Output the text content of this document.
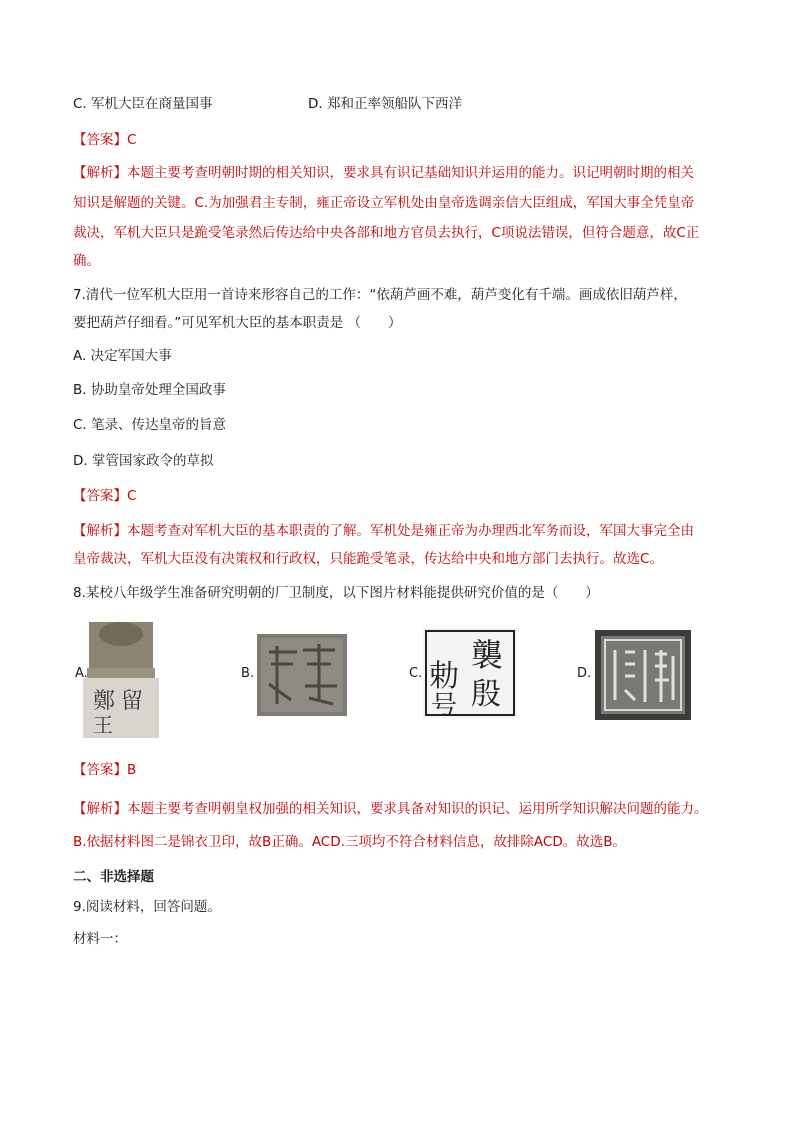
C. 军机大臣在商量国事	D. 郑和正率领船队下西洋
【答案】C
【解析】本题主要考查明朝时期的相关知识，要求具有识记基础知识并运用的能力。识记明朝时期的相关
知识是解题的关键。C.为加强君主专制，雍正帝设立军机处由皇帝选调亲信大臣组成，军国大事全凭皇帝
裁决，军机大臣只是跪受笔录然后传达给中央各部和地方官员去执行，C项说法错误，但符合题意，故C正
确。
7.清代一位军机大臣用一首诗来形容自己的工作：“依葫芦画不难，葫芦变化有千端。画成依旧葫芦样，
要把葫芦仔细看。”可见军机大臣的基本职责是 （　　）
A. 决定军国大事
B. 协助皇帝处理全国政事
C. 笔录、传达皇帝的旨意
D. 掌管国家政令的草拟
【答案】C
【解析】本题考查对军机大臣的基本职责的了解。军机处是雍正帝为办理西北军务而设，军国大事完全由
皇帝裁决，军机大臣没有决策权和行政权，只能跪受笔录，传达给中央和地方部门去执行。故选C。
8.某校八年级学生准备研究明朝的厂卫制度，以下图片材料能提供研究价值的是（　　）
鄭 留
王
A.	B.	C. 襲
勅
殷
号
D.
【答案】B
【解析】本题主要考查明朝皇权加强的相关知识，要求具备对知识的识记、运用所学知识解决问题的能力。
B.依据材料图二是锦衣卫印，故B正确。ACD.三项均不符合材料信息，故排除ACD。故选B。
二、非选择题
9.阅读材料，回答问题。
材料一：
